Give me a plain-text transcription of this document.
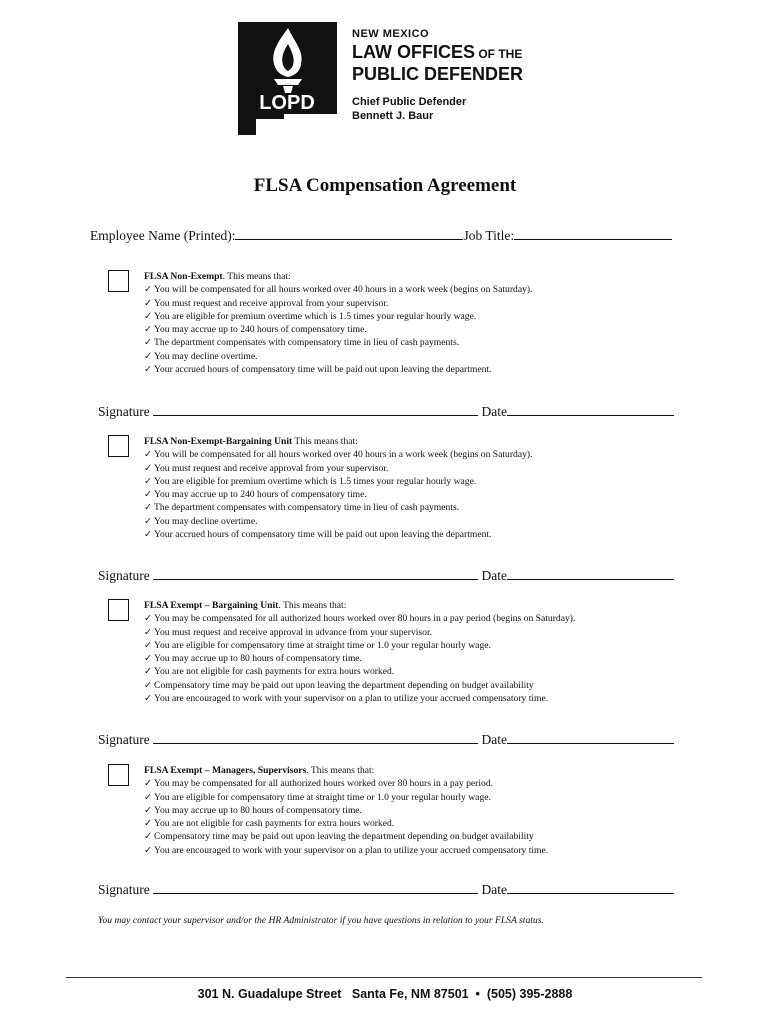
LOPD
NEW MEXICO
LAW OFFICES OF THE
PUBLIC DEFENDER
Chief Public Defender
Bennett J. Baur
FLSA Compensation Agreement
Employee Name (Printed):	Job Title:
FLSA Non-Exempt. This means that:
✓ You will be compensated for all hours worked over 40 hours in a work week (begins on Saturday).
✓ You must request and receive approval from your supervisor.
✓ You are eligible for premium overtime which is 1.5 times your regular hourly wage.
✓ You may accrue up to 240 hours of compensatory time.
✓ The department compensates with compensatory time in lieu of cash payments.
✓ You may decline overtime.
✓ Your accrued hours of compensatory time will be paid out upon leaving the department.
Signature	Date
FLSA Non-Exempt-Bargaining Unit This means that:
✓ You will be compensated for all hours worked over 40 hours in a work week (begins on Saturday).
✓ You must request and receive approval from your supervisor.
✓ You are eligible for premium overtime which is 1.5 times your regular hourly wage.
✓ You may accrue up to 240 hours of compensatory time.
✓ The department compensates with compensatory time in lieu of cash payments.
✓ You may decline overtime.
✓ Your accrued hours of compensatory time will be paid out upon leaving the department.
Signature	Date
FLSA Exempt – Bargaining Unit. This means that:
✓ You may be compensated for all authorized hours worked over 80 hours in a pay period (begins on Saturday).
✓ You must request and receive approval in advance from your supervisor.
✓ You are eligible for compensatory time at straight time or 1.0 your regular hourly wage.
✓ You may accrue up to 80 hours of compensatory time.
✓ You are not eligible for cash payments for extra hours worked.
✓ Compensatory time may be paid out upon leaving the department depending on budget availability
✓ You are encouraged to work with your supervisor on a plan to utilize your accrued compensatory time.
Signature	Date
FLSA Exempt – Managers, Supervisors. This means that:
✓ You may be compensated for all authorized hours worked over 80 hours in a pay period.
✓ You are eligible for compensatory time at straight time or 1.0 your regular hourly wage.
✓ You may accrue up to 80 hours of compensatory time.
✓ You are not eligible for cash payments for extra hours worked.
✓ Compensatory time may be paid out upon leaving the department depending on budget availability
✓ You are encouraged to work with your supervisor on a plan to utilize your accrued compensatory time.
Signature	Date
You may contact your supervisor and/or the HR Administrator if you have questions in relation to your FLSA status.
301 N. Guadalupe Street   Santa Fe, NM 87501  •  (505) 395-2888
